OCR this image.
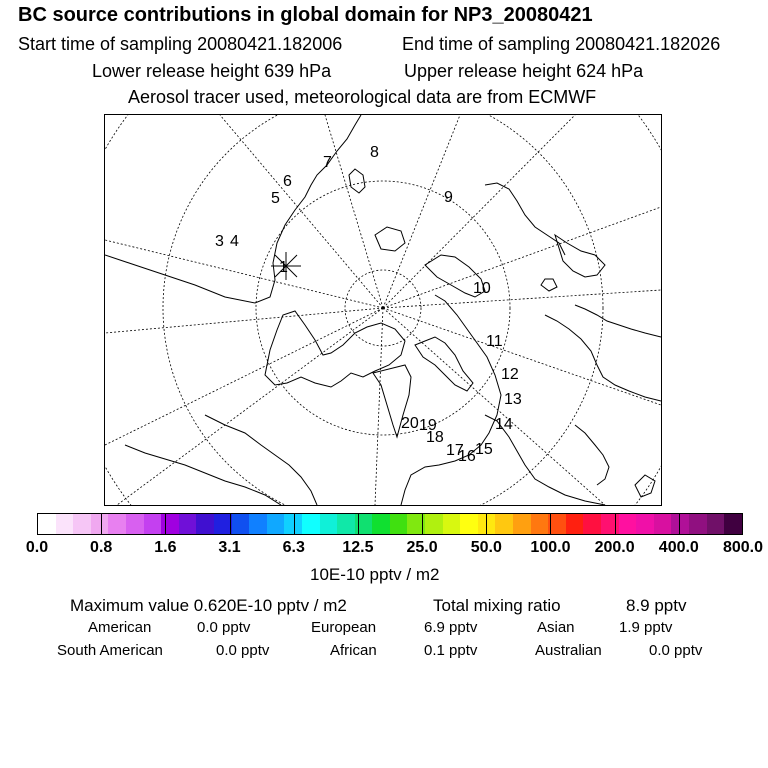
BC source contributions in global domain for NP3_20080421
Start time of sampling 20080421.182006	End time of sampling 20080421.182026
Lower release height 639 hPa	Upper release height 624 hPa
Aerosol tracer used, meteorological data are from ECMWF
1
3 4
5
6
7
8
9
10
11
12
13
14
15
16
17
18
19
20
0.0	0.8	1.6	3.1	6.3 12.5 25.0 50.0 100.0 200.0 400.0 800.0
10E-10 pptv / m2
Maximum value 0.620E-10 pptv / m2	Total mixing ratio	8.9 pptv
American	0.0 pptv	European	6.9 pptv	Asian	1.9 pptv
South American	0.0 pptv	African	0.1 pptv	Australian	0.0 pptv
